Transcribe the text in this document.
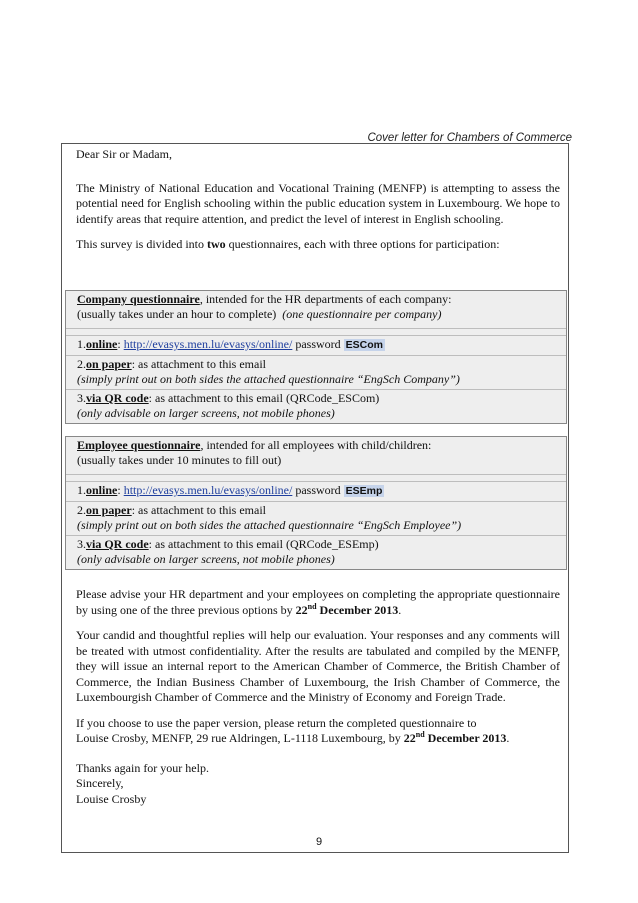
Cover letter for Chambers of Commerce

Dear Sir or Madam,

The Ministry of National Education and Vocational Training (MENFP) is attempting to assess the potential need for English schooling within the public education system in Luxembourg. We hope to identify areas that require attention, and predict the level of interest in English schooling.

This survey is divided into two questionnaires, each with three options for participation:

Company questionnaire, intended for the HR departments of each company:
(usually takes under an hour to complete) (one questionnaire per company)
1.online: http://evasys.men.lu/evasys/online/ password ESCom
2.on paper: as attachment to this email
(simply print out on both sides the attached questionnaire “EngSch Company”)
3.via QR code: as attachment to this email (QRCode_ESCom)
(only advisable on larger screens, not mobile phones)
Employee questionnaire, intended for all employees with child/children:
(usually takes under 10 minutes to fill out)
1.online: http://evasys.men.lu/evasys/online/ password ESEmp
2.on paper: as attachment to this email
(simply print out on both sides the attached questionnaire “EngSch Employee”)
3.via QR code: as attachment to this email (QRCode_ESEmp)
(only advisable on larger screens, not mobile phones)

Please advise your HR department and your employees on completing the appropriate questionnaire by using one of the three previous options by 22nd December 2013.

Your candid and thoughtful replies will help our evaluation. Your responses and any comments will be treated with utmost confidentiality. After the results are tabulated and compiled by the MENFP, they will issue an internal report to the American Chamber of Commerce, the British Chamber of Commerce, the Indian Business Chamber of Luxembourg, the Irish Chamber of Commerce, the Luxembourgish Chamber of Commerce and the Ministry of Economy and Foreign Trade.

If you choose to use the paper version, please return the completed questionnaire to
Louise Crosby, MENFP, 29 rue Aldringen, L-1118 Luxembourg, by 22nd December 2013.

Thanks again for your help.
Sincerely,
Louise Crosby

9
